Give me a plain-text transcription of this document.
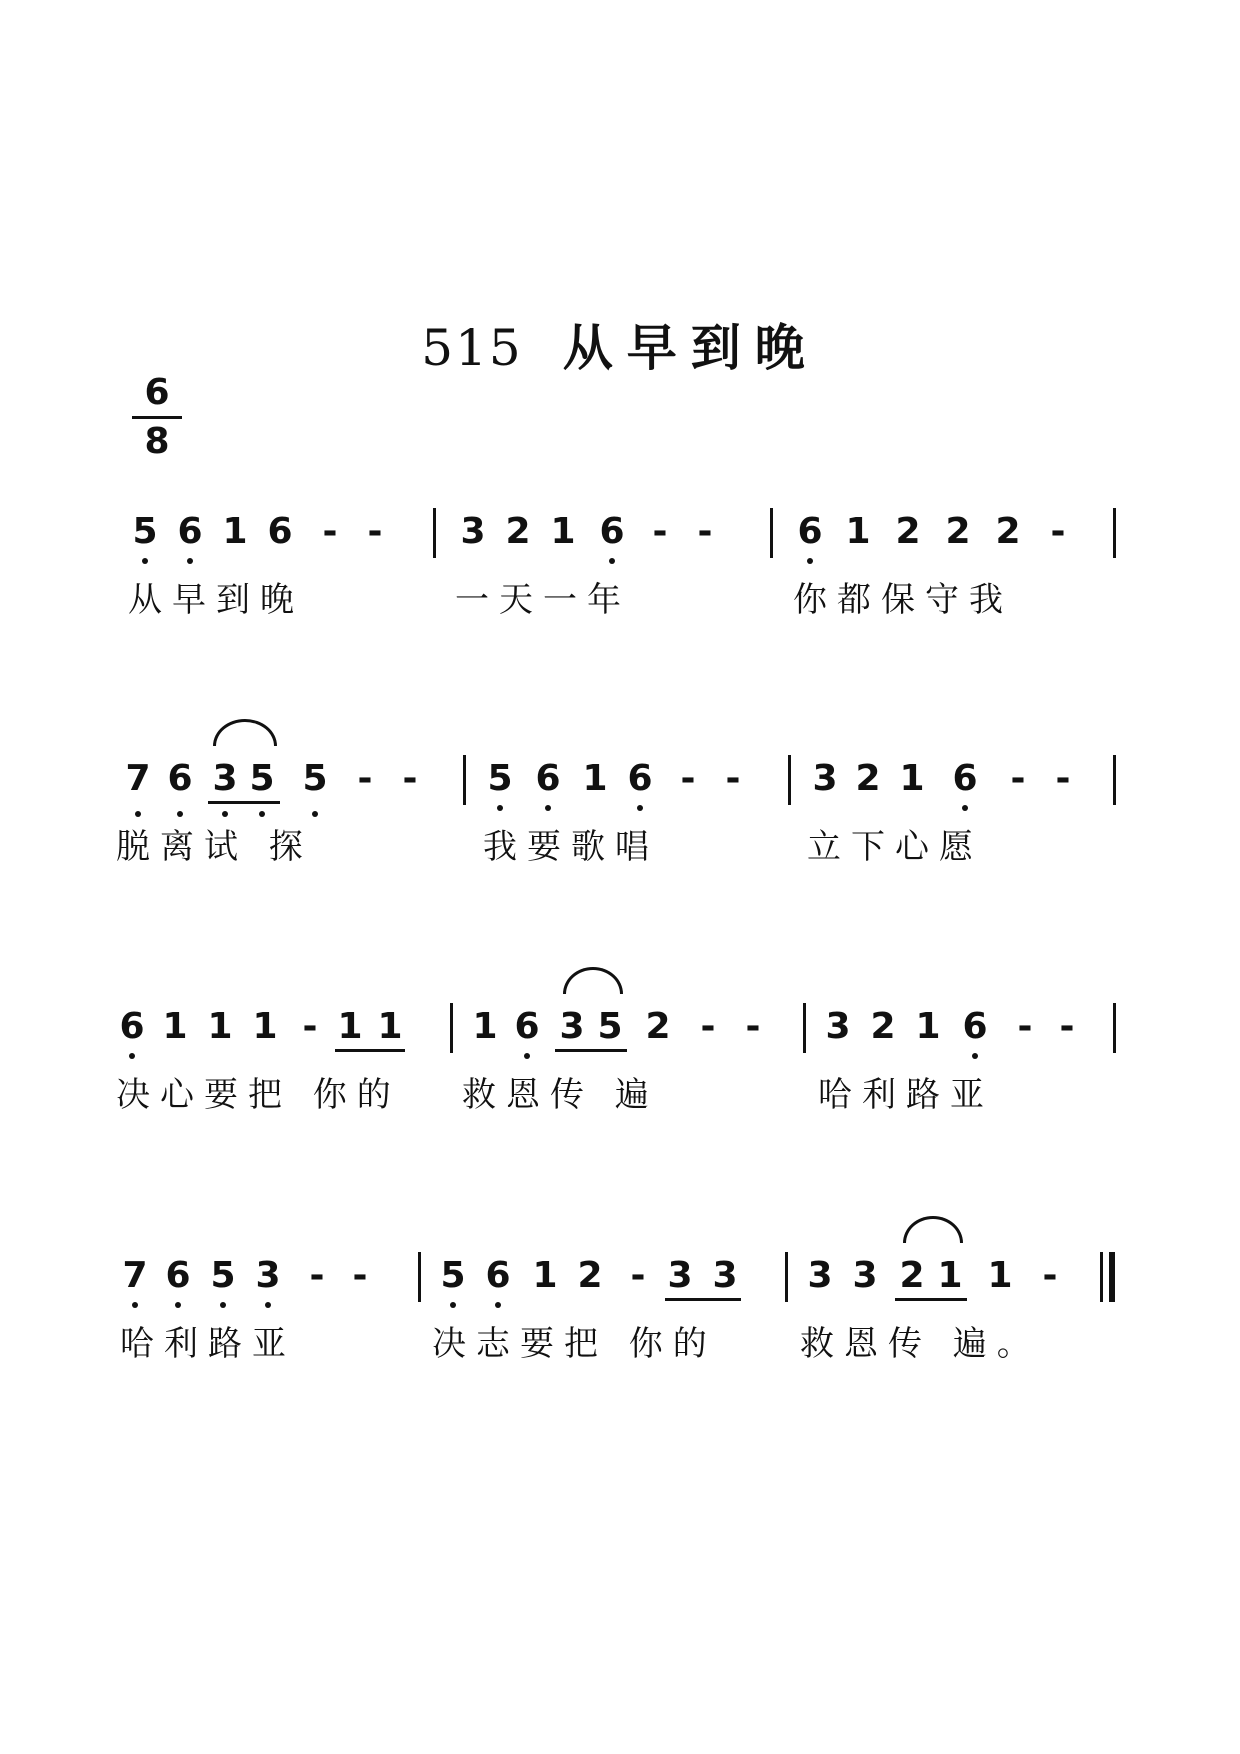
515 从早到晚
6
8
5 6 1 6 - - 3 2 1 6 - - 6 1 2 2 2 -
从早到晚	一天一年	你都保守我
7 6 3 5 5 - - 5 6 1 6 - - 3 2 1 6 - -
脱离试 探	我要歌唱	立下心愿
6 1 1 1 - 1 1 1 6 3 5 2 - - 3 2 1 6 - -
决心要把 你的 救恩传 遍	哈利路亚
7 6 5 3 - - 5 6 1 2 - 3 3 3 3 2 1 1 -
哈利路亚	决志要把 你的 救恩传 遍。
